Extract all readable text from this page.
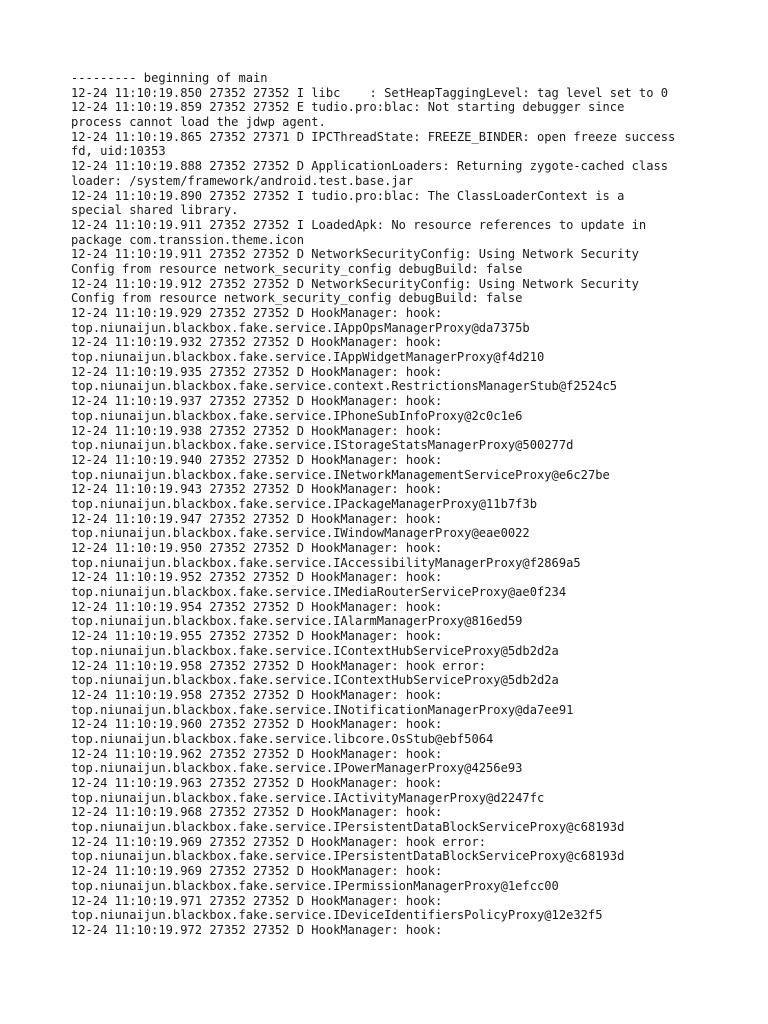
--------- beginning of main
12-24 11:10:19.850 27352 27352 I libc    : SetHeapTaggingLevel: tag level set to 0
12-24 11:10:19.859 27352 27352 E tudio.pro:blac: Not starting debugger since
process cannot load the jdwp agent.
12-24 11:10:19.865 27352 27371 D IPCThreadState: FREEZE_BINDER: open freeze success
fd, uid:10353
12-24 11:10:19.888 27352 27352 D ApplicationLoaders: Returning zygote-cached class
loader: /system/framework/android.test.base.jar
12-24 11:10:19.890 27352 27352 I tudio.pro:blac: The ClassLoaderContext is a
special shared library.
12-24 11:10:19.911 27352 27352 I LoadedApk: No resource references to update in
package com.transsion.theme.icon
12-24 11:10:19.911 27352 27352 D NetworkSecurityConfig: Using Network Security
Config from resource network_security_config debugBuild: false
12-24 11:10:19.912 27352 27352 D NetworkSecurityConfig: Using Network Security
Config from resource network_security_config debugBuild: false
12-24 11:10:19.929 27352 27352 D HookManager: hook:
top.niunaijun.blackbox.fake.service.IAppOpsManagerProxy@da7375b
12-24 11:10:19.932 27352 27352 D HookManager: hook:
top.niunaijun.blackbox.fake.service.IAppWidgetManagerProxy@f4d210
12-24 11:10:19.935 27352 27352 D HookManager: hook:
top.niunaijun.blackbox.fake.service.context.RestrictionsManagerStub@f2524c5
12-24 11:10:19.937 27352 27352 D HookManager: hook:
top.niunaijun.blackbox.fake.service.IPhoneSubInfoProxy@2c0c1e6
12-24 11:10:19.938 27352 27352 D HookManager: hook:
top.niunaijun.blackbox.fake.service.IStorageStatsManagerProxy@500277d
12-24 11:10:19.940 27352 27352 D HookManager: hook:
top.niunaijun.blackbox.fake.service.INetworkManagementServiceProxy@e6c27be
12-24 11:10:19.943 27352 27352 D HookManager: hook:
top.niunaijun.blackbox.fake.service.IPackageManagerProxy@11b7f3b
12-24 11:10:19.947 27352 27352 D HookManager: hook:
top.niunaijun.blackbox.fake.service.IWindowManagerProxy@eae0022
12-24 11:10:19.950 27352 27352 D HookManager: hook:
top.niunaijun.blackbox.fake.service.IAccessibilityManagerProxy@f2869a5
12-24 11:10:19.952 27352 27352 D HookManager: hook:
top.niunaijun.blackbox.fake.service.IMediaRouterServiceProxy@ae0f234
12-24 11:10:19.954 27352 27352 D HookManager: hook:
top.niunaijun.blackbox.fake.service.IAlarmManagerProxy@816ed59
12-24 11:10:19.955 27352 27352 D HookManager: hook:
top.niunaijun.blackbox.fake.service.IContextHubServiceProxy@5db2d2a
12-24 11:10:19.958 27352 27352 D HookManager: hook error:
top.niunaijun.blackbox.fake.service.IContextHubServiceProxy@5db2d2a
12-24 11:10:19.958 27352 27352 D HookManager: hook:
top.niunaijun.blackbox.fake.service.INotificationManagerProxy@da7ee91
12-24 11:10:19.960 27352 27352 D HookManager: hook:
top.niunaijun.blackbox.fake.service.libcore.OsStub@ebf5064
12-24 11:10:19.962 27352 27352 D HookManager: hook:
top.niunaijun.blackbox.fake.service.IPowerManagerProxy@4256e93
12-24 11:10:19.963 27352 27352 D HookManager: hook:
top.niunaijun.blackbox.fake.service.IActivityManagerProxy@d2247fc
12-24 11:10:19.968 27352 27352 D HookManager: hook:
top.niunaijun.blackbox.fake.service.IPersistentDataBlockServiceProxy@c68193d
12-24 11:10:19.969 27352 27352 D HookManager: hook error:
top.niunaijun.blackbox.fake.service.IPersistentDataBlockServiceProxy@c68193d
12-24 11:10:19.969 27352 27352 D HookManager: hook:
top.niunaijun.blackbox.fake.service.IPermissionManagerProxy@1efcc00
12-24 11:10:19.971 27352 27352 D HookManager: hook:
top.niunaijun.blackbox.fake.service.IDeviceIdentifiersPolicyProxy@12e32f5
12-24 11:10:19.972 27352 27352 D HookManager: hook:
